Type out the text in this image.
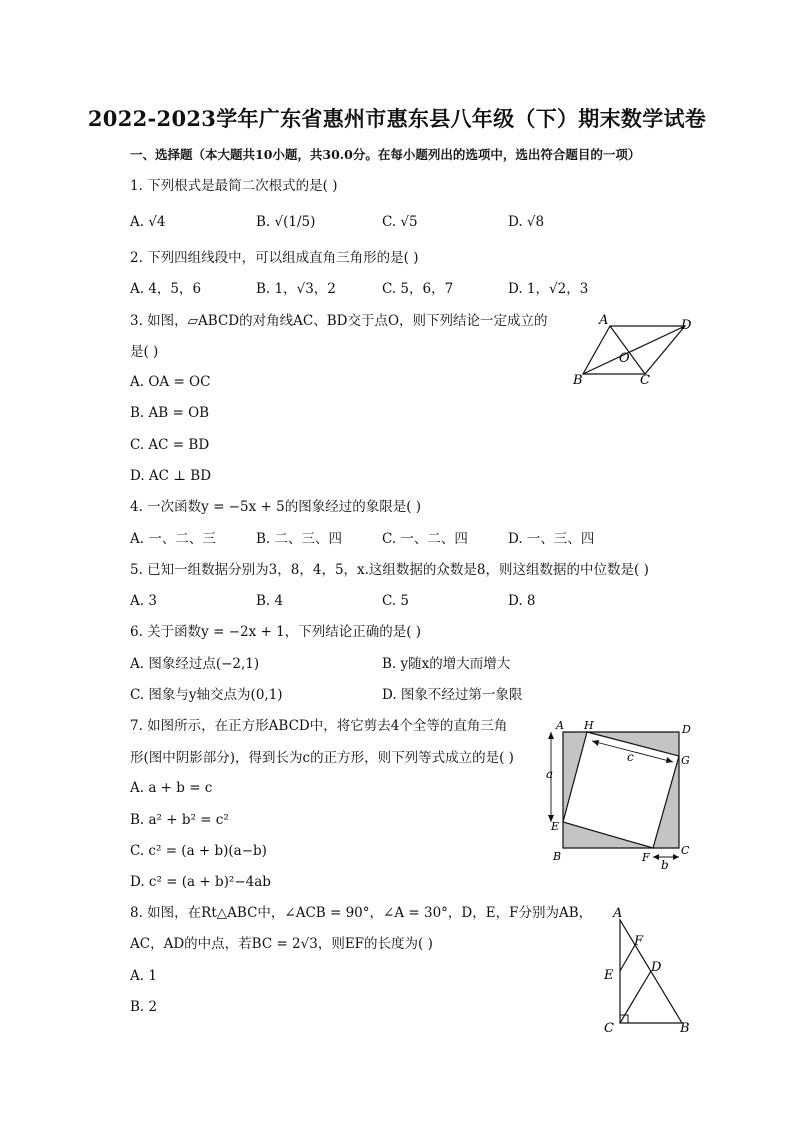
2022-2023学年广东省惠州市惠东县八年级（下）期末数学试卷
一、选择题（本大题共10小题，共30.0分。在每小题列出的选项中，选出符合题目的一项）
1. 下列根式是最简二次根式的是( )
A. √4	B. √(1/5)	C. √5	D. √8
2. 下列四组线段中，可以组成直角三角形的是( )
A. 4，5，6	B. 1，√3，2	C. 5，6，7	D. 1，√2，3
3. 如图，▱ABCD的对角线AC、BD交于点O，则下列结论一定成立的
是( )
A. OA = OC
B. AB = OB
C. AC = BD
D. AC ⊥ BD
A	D
B	C
O
4. 一次函数y = −5x + 5的图象经过的象限是( )
A. 一、二、三	B. 二、三、四	C. 一、二、四	D. 一、三、四
5. 已知一组数据分别为3，8，4，5，x.这组数据的众数是8，则这组数据的中位数是( )
A. 3	B. 4	C. 5	D. 8
6. 关于函数y = −2x + 1，下列结论正确的是( )
A. 图象经过点(−2,1)	B. y随x的增大而增大
C. 图象与y轴交点为(0,1)	D. 图象不经过第一象限
7. 如图所示，在正方形ABCD中，将它剪去4个全等的直角三角
形(图中阴影部分)，得到长为c的正方形，则下列等式成立的是( )
A. a + b = c
B. a² + b² = c²
C. c² = (a + b)(a−b)
D. c² = (a + b)²−4ab
a
b
c
A H	D
G
E
B	F
C
8. 如图，在Rt△ABC中，∠ACB = 90°，∠A = 30°，D，E，F分别为AB，
AC，AD的中点，若BC = 2√3，则EF的长度为( )
A. 1
B. 2
A
F
D
E
C	B
